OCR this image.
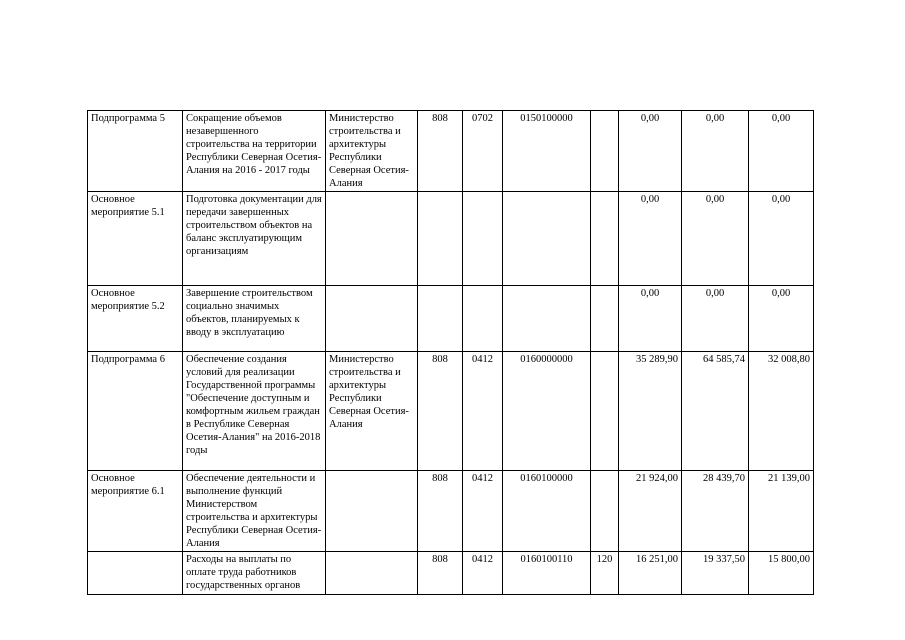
Подпрограмма 5	Сокращение объемов незавершенного строительства на территории Республики Северная Осетия-Алания на 2016 - 2017 годы	Министерство строительства и архитектуры Республики Северная Осетия-Алания	808	0702	0150100000		0,00	0,00	0,00
Основное мероприятие 5.1	Подготовка документации для передачи завершенных строительством объектов на баланс эксплуатирующим организациям						0,00	0,00	0,00
Основное мероприятие 5.2	Завершение строительством социально значимых объектов, планируемых к вводу в эксплуатацию						0,00	0,00	0,00
Подпрограмма 6	Обеспечение создания условий для реализации Государственной программы "Обеспечение доступным и комфортным жильем граждан в Республике Северная Осетия-Алания" на 2016-2018 годы	Министерство строительства и архитектуры Республики Северная Осетия-Алания	808	0412	0160000000		35 289,90	64 585,74	32 008,80
Основное мероприятие 6.1	Обеспечение деятельности и выполнение функций Министерством строительства и архитектуры Республики Северная Осетия-Алания		808	0412	0160100000		21 924,00	28 439,70	21 139,00
	Расходы на выплаты по оплате труда работников государственных органов		808	0412	0160100110	120	16 251,00	19 337,50	15 800,00
